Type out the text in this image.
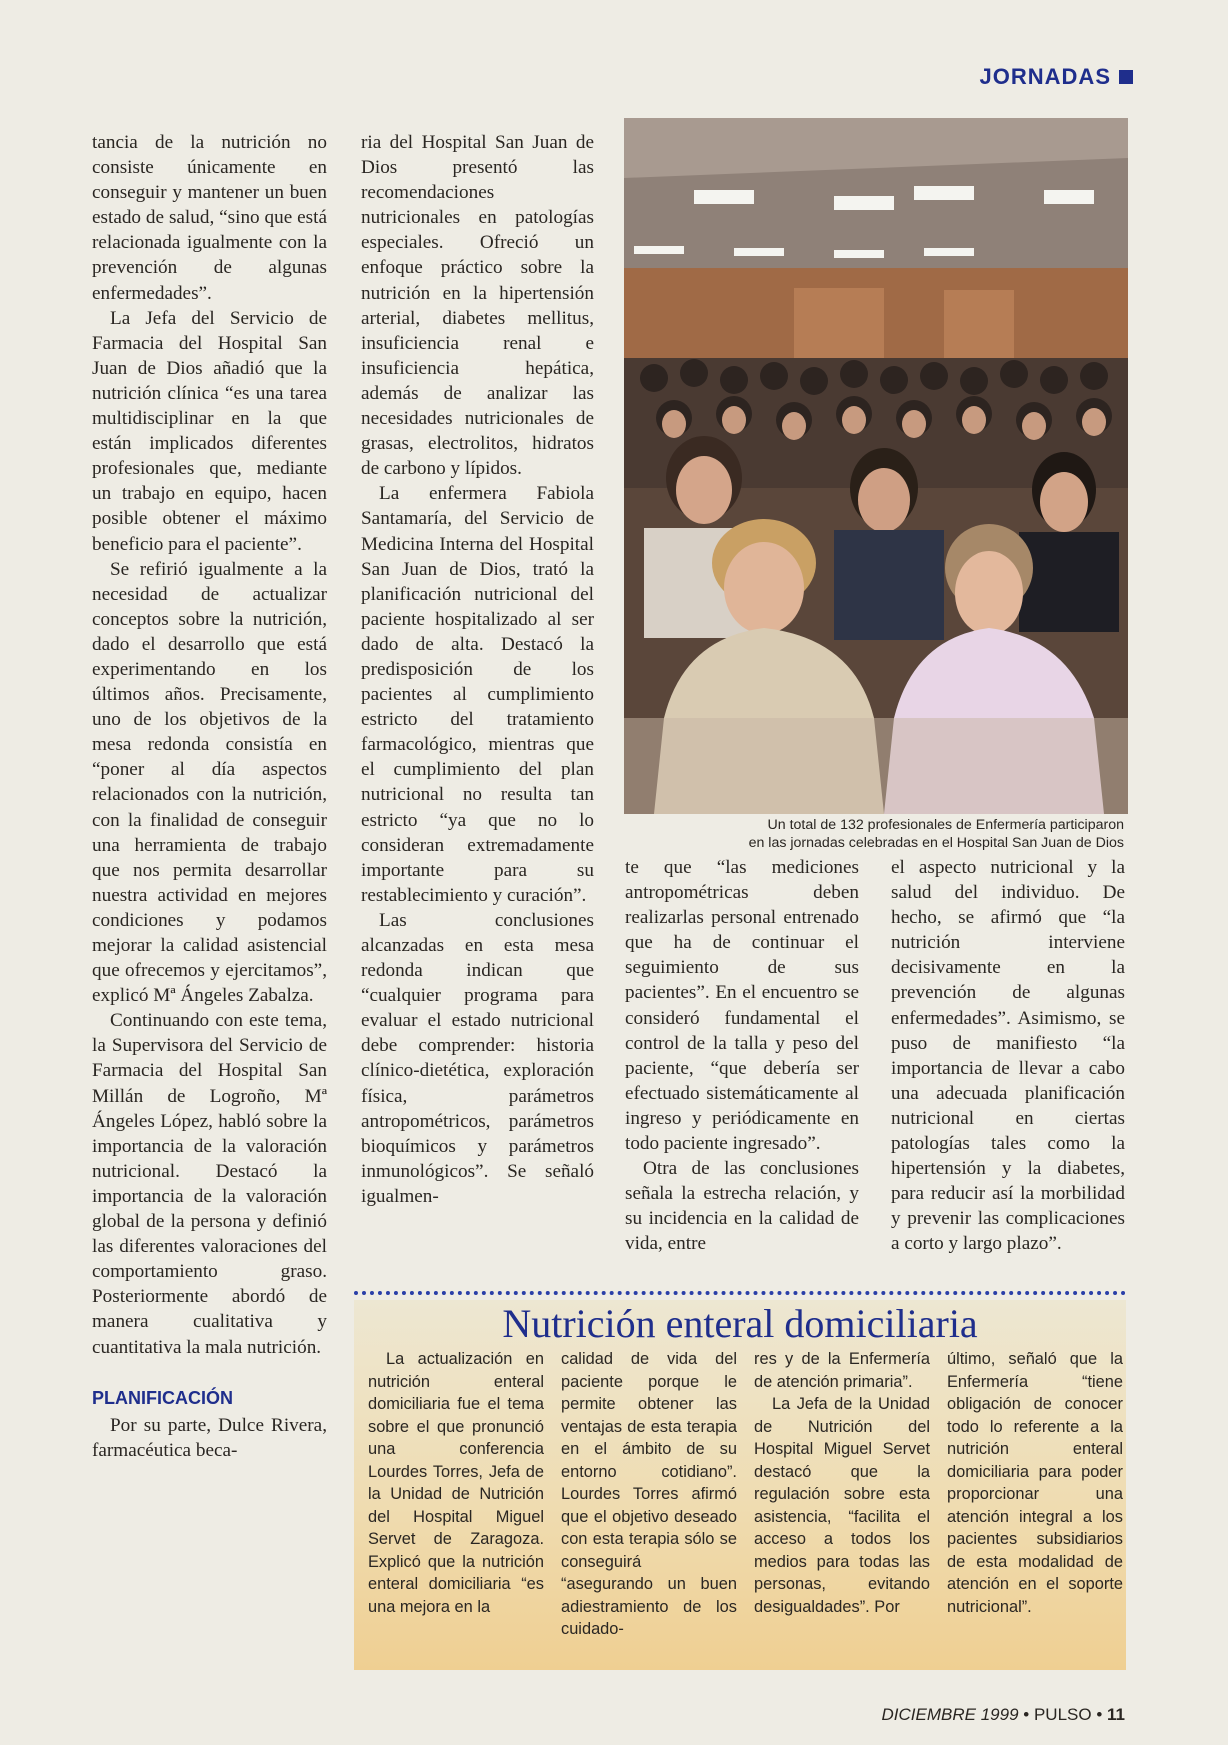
JORNADAS

tancia de la nutrición no consiste únicamente en conseguir y mantener un buen estado de salud, “sino que está relacionada igualmente con la prevención de algunas enfermedades”.

La Jefa del Servicio de Farmacia del Hospital San Juan de Dios añadió que la nutrición clínica “es una tarea multidisciplinar en la que están implicados diferentes profesionales que, mediante un trabajo en equipo, hacen posible obtener el máximo beneficio para el paciente”.

Se refirió igualmente a la necesidad de actualizar conceptos sobre la nutrición, dado el desarrollo que está experimentando en los últimos años. Precisamente, uno de los objetivos de la mesa redonda consistía en “poner al día aspectos relacionados con la nutrición, con la finalidad de conseguir una herramienta de trabajo que nos permita desarrollar nuestra actividad en mejores condiciones y podamos mejorar la calidad asistencial que ofrecemos y ejercitamos”, explicó Mª Ángeles Zabalza.

Continuando con este tema, la Supervisora del Servicio de Farmacia del Hospital San Millán de Logroño, Mª Ángeles López, habló sobre la importancia de la valoración nutricional. Destacó la importancia de la valoración global de la persona y definió las diferentes valoraciones del comportamiento graso. Posteriormente abordó de manera cualitativa y cuantitativa la mala nutrición.

PLANIFICACIÓN

Por su parte, Dulce Rivera, farmacéutica beca-

ria del Hospital San Juan de Dios presentó las recomendaciones nutricionales en patologías especiales. Ofreció un enfoque práctico sobre la nutrición en la hipertensión arterial, diabetes mellitus, insuficiencia renal e insuficiencia hepática, además de analizar las necesidades nutricionales de grasas, electrolitos, hidratos de carbono y lípidos.

La enfermera Fabiola Santamaría, del Servicio de Medicina Interna del Hospital San Juan de Dios, trató la planificación nutricional del paciente hospitalizado al ser dado de alta. Destacó la predisposición de los pacientes al cumplimiento estricto del tratamiento farmacológico, mientras que el cumplimiento del plan nutricional no resulta tan estricto “ya que no lo consideran extremadamente importante para su restablecimiento y curación”.

Las conclusiones alcanzadas en esta mesa redonda indican que “cualquier programa para evaluar el estado nutricional debe comprender: historia clínico-dietética, exploración física, parámetros antropométricos, parámetros bioquímicos y parámetros inmunológicos”. Se señaló igualmen-

Un total de 132 profesionales de Enfermería participaron
en las jornadas celebradas en el Hospital San Juan de Dios

te que “las mediciones antropométricas deben realizarlas personal entrenado que ha de continuar el seguimiento de sus pacientes”. En el encuentro se consideró fundamental el control de la talla y peso del paciente, “que debería ser efectuado sistemáticamente al ingreso y periódicamente en todo paciente ingresado”.

Otra de las conclusiones señala la estrecha relación, y su incidencia en la calidad de vida, entre

el aspecto nutricional y la salud del individuo. De hecho, se afirmó que “la nutrición interviene decisivamente en la prevención de algunas enfermedades”. Asimismo, se puso de manifiesto “la importancia de llevar a cabo una adecuada planificación nutricional en ciertas patologías tales como la hipertensión y la diabetes, para reducir así la morbilidad y prevenir las complicaciones a corto y largo plazo”.

Nutrición enteral domiciliaria

La actualización en nutrición enteral domiciliaria fue el tema sobre el que pronunció una conferencia Lourdes Torres, Jefa de la Unidad de Nutrición del Hospital Miguel Servet de Zaragoza. Explicó que la nutrición enteral domiciliaria “es una mejora en la

calidad de vida del paciente porque le permite obtener las ventajas de esta terapia en el ámbito de su entorno cotidiano”. Lourdes Torres afirmó que el objetivo deseado con esta terapia sólo se conseguirá “asegurando un buen adiestramiento de los cuidado-

res y de la Enfermería de atención primaria”.

La Jefa de la Unidad de Nutrición del Hospital Miguel Servet destacó que la regulación sobre esta asistencia, “facilita el acceso a todos los medios para todas las personas, evitando desigualdades”. Por

último, señaló que la Enfermería “tiene obligación de conocer todo lo referente a la nutrición enteral domiciliaria para poder proporcionar una atención integral a los pacientes subsidiarios de esta modalidad de atención en el soporte nutricional”.

DICIEMBRE 1999 • PULSO • 11
